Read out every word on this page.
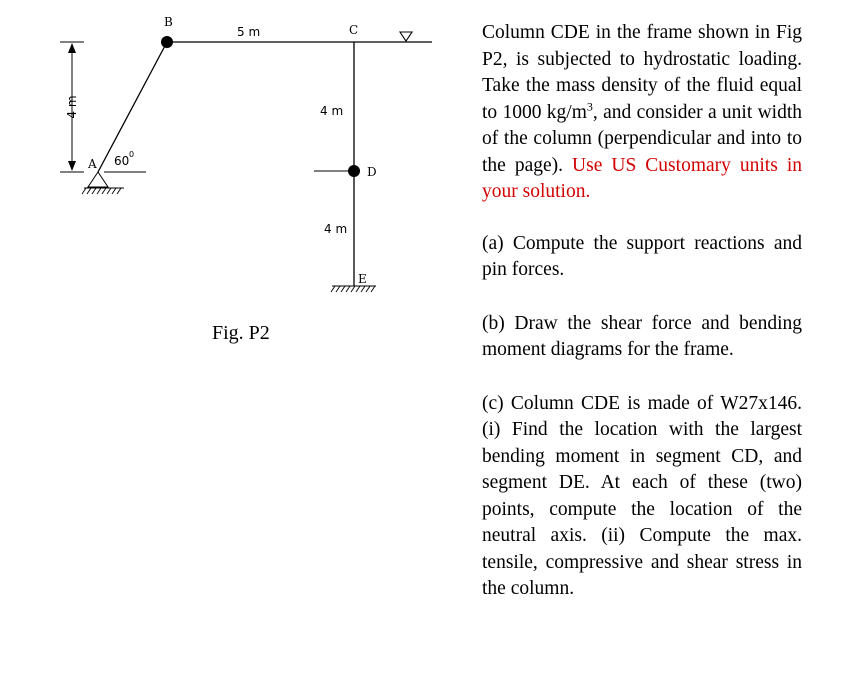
4 m
B
C
D
E
A
5 m
4 m
4 m
60 0
Fig. P2

Column CDE in the frame shown in Fig P2, is subjected to hydrostatic loading. Take the mass density of the fluid equal to 1000 $kg/m^3$, and consider a unit width of the column (perpendicular and into to the page). Use US Customary units in your solution.

(a) Compute the support reactions and pin forces.

(b) Draw the shear force and bending moment diagrams for the frame.

(c) Column CDE is made of W27x146. (i) Find the location with the largest bending moment in segment CD, and segment DE. At each of these (two) points, compute the location of the neutral axis. (ii) Compute the max. tensile, compressive and shear stress in the column.
